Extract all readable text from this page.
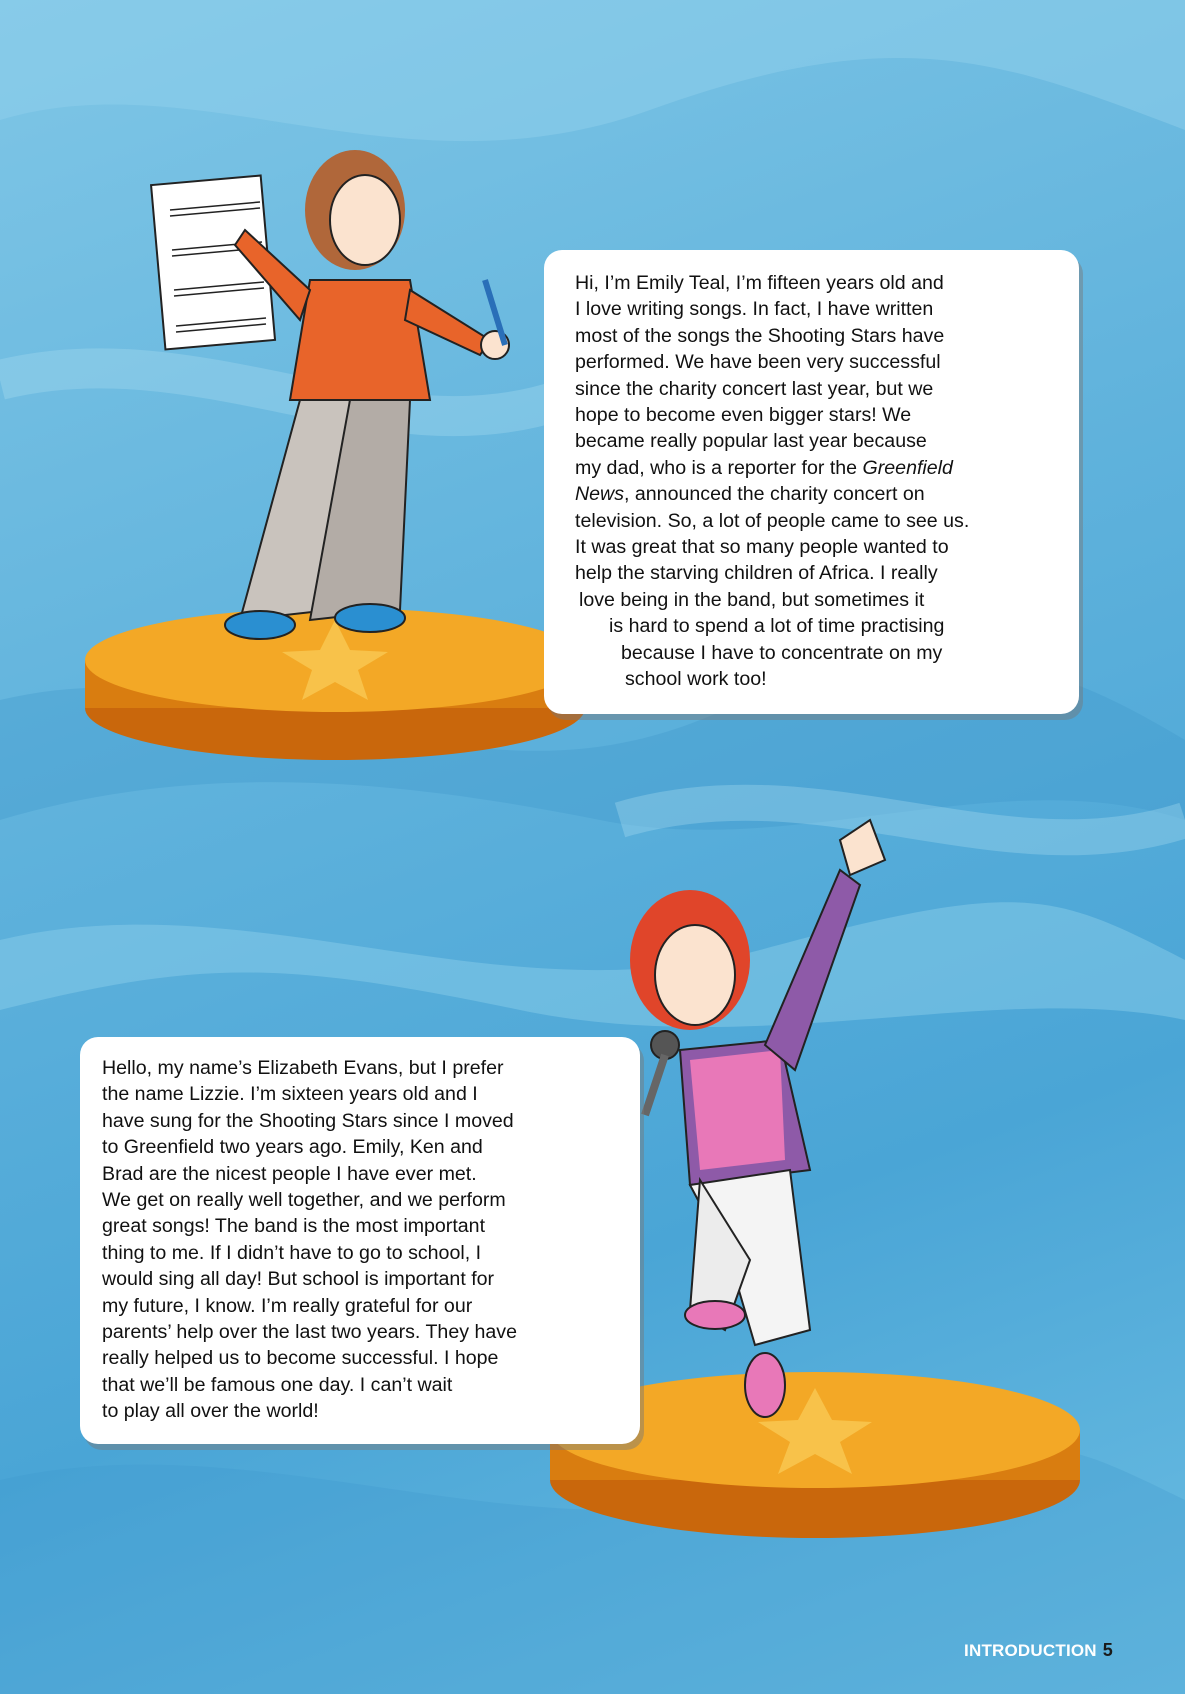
Hi, I’m Emily Teal, I’m fifteen years old and
I love writing songs. In fact, I have written
most of the songs the Shooting Stars have
performed. We have been very successful
since the charity concert last year, but we
hope to become even bigger stars! We
became really popular last year because
my dad, who is a reporter for the Greenfield
News, announced the charity concert on
television. So, a lot of people came to see us.
It was great that so many people wanted to
help the starving children of Africa. I really
love being in the band, but sometimes it
is hard to spend a lot of time practising
because I have to concentrate on my
school work too!
Hello, my name’s Elizabeth Evans, but I prefer
the name Lizzie. I’m sixteen years old and I
have sung for the Shooting Stars since I moved
to Greenfield two years ago. Emily, Ken and
Brad are the nicest people I have ever met.
We get on really well together, and we perform
great songs! The band is the most important
thing to me. If I didn’t have to go to school, I
would sing all day! But school is important for
my future, I know. I’m really grateful for our
parents’ help over the last two years. They have
really helped us to become successful. I hope
that we’ll be famous one day. I can’t wait
to play all over the world!
INTRODUCTION 5
